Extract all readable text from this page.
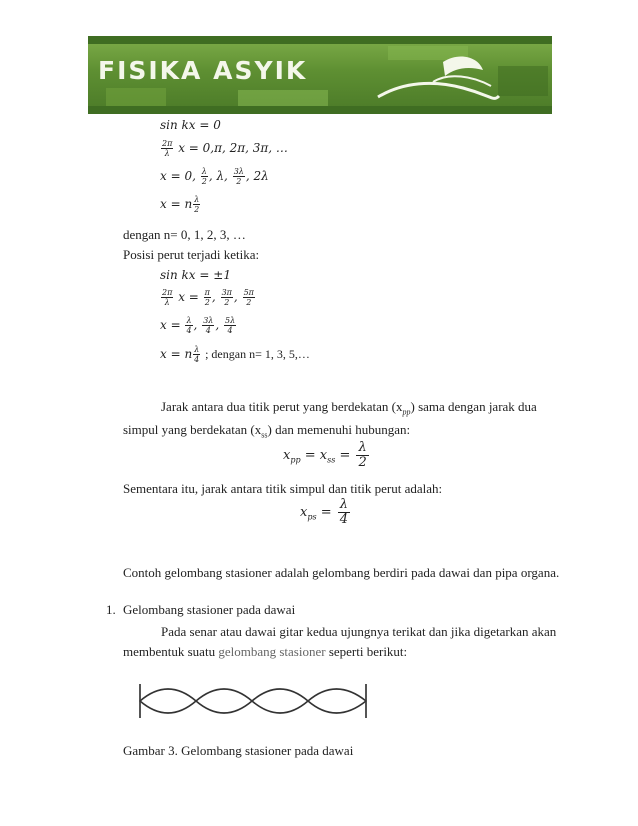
FISIKA ASYIK
sin kx = 0
$\frac{2\pi}{\lambda}$ x = 0,π, 2π, 3π, …
x = 0, $\frac{\lambda}{2}$ , λ, $\frac{3\lambda}{2}$ , 2λ
x = n $\frac{\lambda}{2}$
dengan n= 0, 1, 2, 3, …
Posisi perut terjadi ketika:
sin kx = ±1
$\frac{2\pi}{\lambda}$ $x = \frac{\pi}{2}$ , $\frac{3\pi}{2}$ , $\frac{5\pi}{2}$
$x = \frac{\lambda}{4}$ , $\frac{3\lambda}{4}$ , $\frac{5\lambda}{4}$
x = n $\frac{\lambda}{4}$ ; dengan n= 1, 3, 5,…
Jarak antara dua titik perut yang berdekatan $(x_{pp})$ sama dengan jarak dua
simpul yang berdekatan $(x_{ss})$ dan memenuhi hubungan:
$x_{pp} = x_{ss} = \frac{\lambda}{2}$
Sementara itu, jarak antara titik simpul dan titik perut adalah:
$x_{ps} = \frac{\lambda}{4}$
Contoh gelombang stasioner adalah gelombang berdiri pada dawai dan pipa organa.
1. Gelombang stasioner pada dawai
Pada senar atau dawai gitar kedua ujungnya terikat dan jika digetarkan akan
membentuk suatu gelombang stasioner seperti berikut:
Gambar 3. Gelombang stasioner pada dawai
